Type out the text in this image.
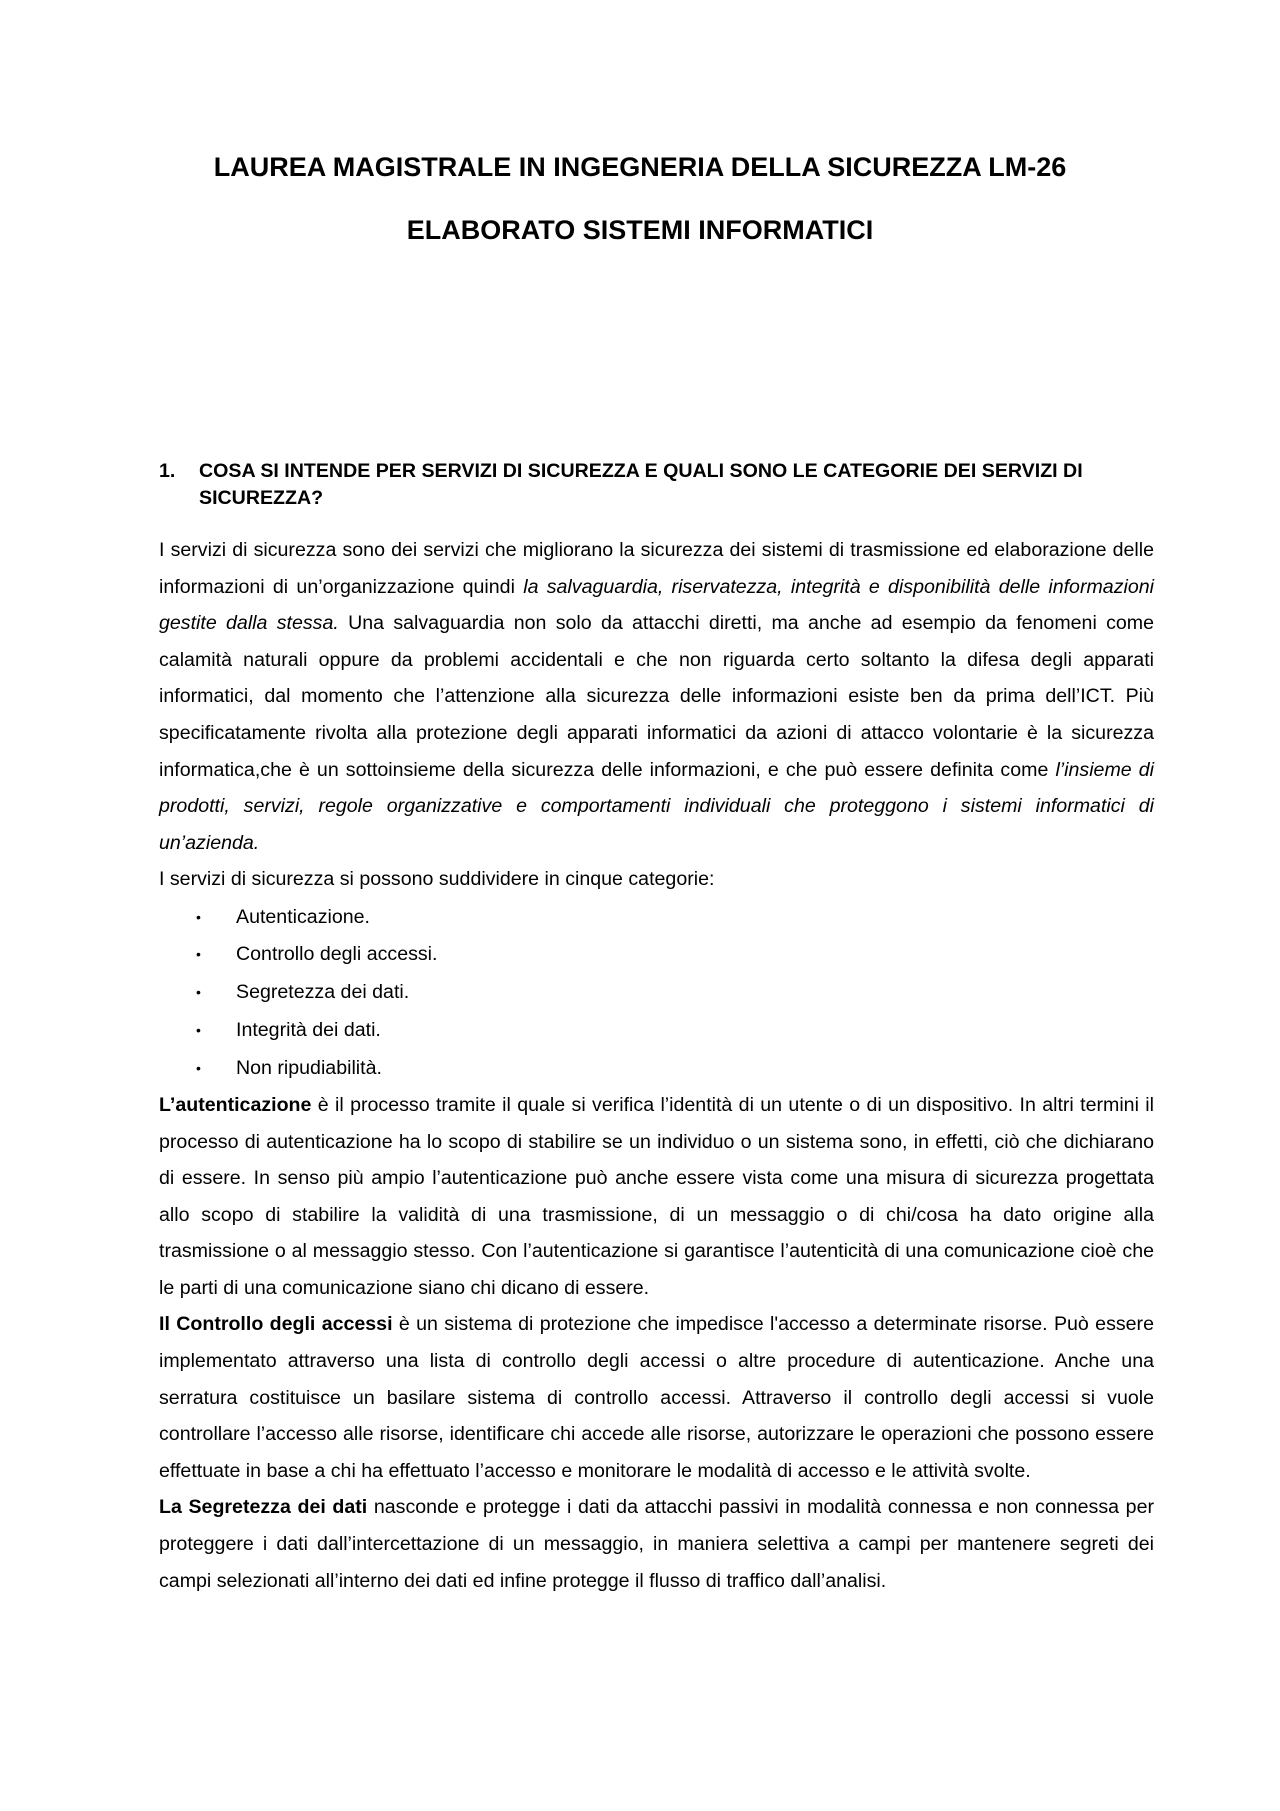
LAUREA MAGISTRALE IN INGEGNERIA DELLA SICUREZZA LM-26
ELABORATO SISTEMI INFORMATICI
1.	COSA SI INTENDE PER SERVIZI DI SICUREZZA E QUALI SONO LE CATEGORIE DEI SERVIZI DI SICUREZZA?

I servizi di sicurezza sono dei servizi che migliorano la sicurezza dei sistemi di trasmissione ed elaborazione delle informazioni di un’organizzazione quindi la salvaguardia, riservatezza, integrità e disponibilità delle informazioni gestite dalla stessa. Una salvaguardia non solo da attacchi diretti, ma anche ad esempio da fenomeni come calamità naturali oppure da problemi accidentali e che non riguarda certo soltanto la difesa degli apparati informatici, dal momento che l’attenzione alla sicurezza delle informazioni esiste ben da prima dell’ICT. Più specificatamente rivolta alla protezione degli apparati informatici da azioni di attacco volontarie è la sicurezza informatica,che è un sottoinsieme della sicurezza delle informazioni, e che può essere definita come l’insieme di prodotti, servizi, regole organizzative e comportamenti individuali che proteggono i sistemi informatici di un’azienda.

I servizi di sicurezza si possono suddividere in cinque categorie:

•	Autenticazione.
•	Controllo degli accessi.
•	Segretezza dei dati.
•	Integrità dei dati.
•	Non ripudiabilità.

L’autenticazione è il processo tramite il quale si verifica l’identità di un utente o di un dispositivo. In altri termini il processo di autenticazione ha lo scopo di stabilire se un individuo o un sistema sono, in effetti, ciò che dichiarano di essere. In senso più ampio l’autenticazione può anche essere vista come una misura di sicurezza progettata allo scopo di stabilire la validità di una trasmissione, di un messaggio o di chi/cosa ha dato origine alla trasmissione o al messaggio stesso. Con l’autenticazione si garantisce l’autenticità di una comunicazione cioè che le parti di una comunicazione siano chi dicano di essere.

Il Controllo degli accessi è un sistema di protezione che impedisce l'accesso a determinate risorse. Può essere implementato attraverso una lista di controllo degli accessi o altre procedure di autenticazione. Anche una serratura costituisce un basilare sistema di controllo accessi. Attraverso il controllo degli accessi si vuole controllare l’accesso alle risorse, identificare chi accede alle risorse, autorizzare le operazioni che possono essere effettuate in base a chi ha effettuato l’accesso e monitorare le modalità di accesso e le attività svolte.

La Segretezza dei dati nasconde e protegge i dati da attacchi passivi in modalità connessa e non connessa per proteggere i dati dall’intercettazione di un messaggio, in maniera selettiva a campi per mantenere segreti dei campi selezionati all’interno dei dati ed infine protegge il flusso di traffico dall’analisi.
